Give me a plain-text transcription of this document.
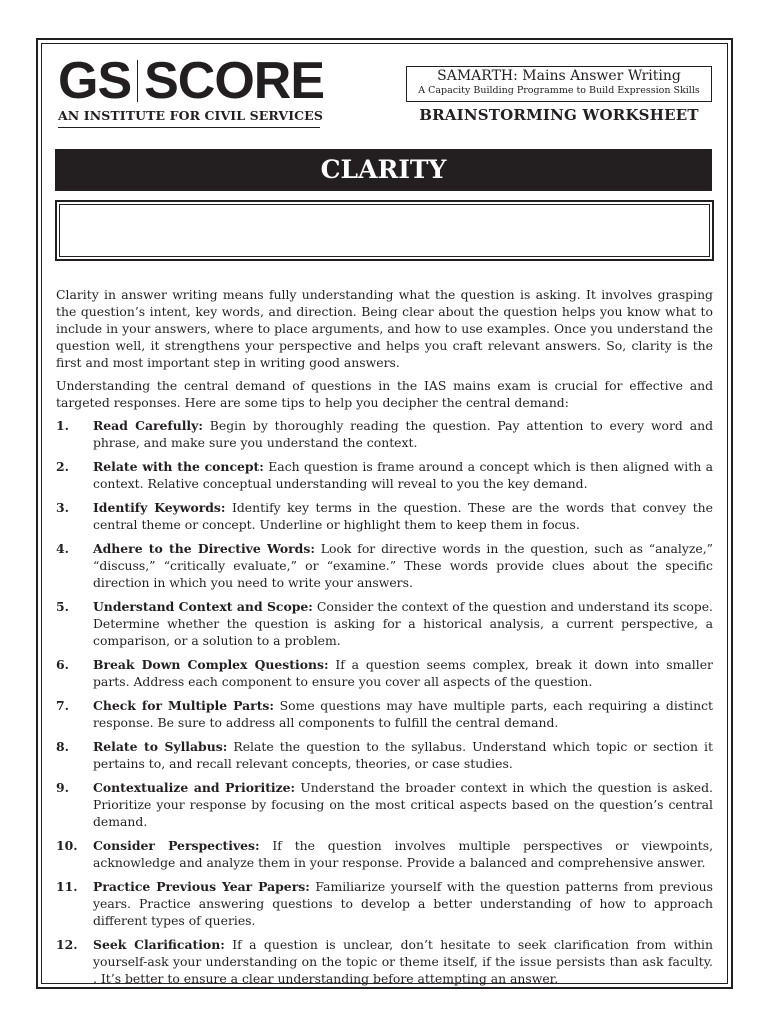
GS SCORE
AN INSTITUTE FOR CIVIL SERVICES
SAMARTH: Mains Answer Writing
A Capacity Building Programme to Build Expression Skills
BRAINSTORMING WORKSHEET
CLARITY

Clarity in answer writing means fully understanding what the question is asking. It involves grasping the question’s intent, key words, and direction. Being clear about the question helps you know what to include in your answers, where to place arguments, and how to use examples. Once you understand the question well, it strengthens your perspective and helps you craft relevant answers. So, clarity is the first and most important step in writing good answers.

Understanding the central demand of questions in the IAS mains exam is crucial for effective and targeted responses. Here are some tips to help you decipher the central demand:

1.	Read Carefully: Begin by thoroughly reading the question. Pay attention to every word and phrase, and make sure you understand the context.
2.	Relate with the concept: Each question is frame around a concept which is then aligned with a context. Relative conceptual understanding will reveal to you the key demand.
3.	Identify Keywords: Identify key terms in the question. These are the words that convey the central theme or concept. Underline or highlight them to keep them in focus.
4.	Adhere to the Directive Words: Look for directive words in the question, such as “analyze,” “discuss,” “critically evaluate,” or “examine.” These words provide clues about the specific direction in which you need to write your answers.
5.	Understand Context and Scope: Consider the context of the question and understand its scope. Determine whether the question is asking for a historical analysis, a current perspective, a comparison, or a solution to a problem.
6.	Break Down Complex Questions: If a question seems complex, break it down into smaller parts. Address each component to ensure you cover all aspects of the question.
7.	Check for Multiple Parts: Some questions may have multiple parts, each requiring a distinct response. Be sure to address all components to fulfill the central demand.
8.	Relate to Syllabus: Relate the question to the syllabus. Understand which topic or section it pertains to, and recall relevant concepts, theories, or case studies.
9.	Contextualize and Prioritize: Understand the broader context in which the question is asked. Prioritize your response by focusing on the most critical aspects based on the question’s central demand.
10.	Consider Perspectives: If the question involves multiple perspectives or viewpoints, acknowledge and analyze them in your response. Provide a balanced and comprehensive answer.
11.	Practice Previous Year Papers: Familiarize yourself with the question patterns from previous years. Practice answering questions to develop a better understanding of how to approach different types of queries.
12.	Seek Clarification: If a question is unclear, don’t hesitate to seek clarification from within yourself-ask your understanding on the topic or theme itself, if the issue persists than ask faculty. . It’s better to ensure a clear understanding before attempting an answer.
